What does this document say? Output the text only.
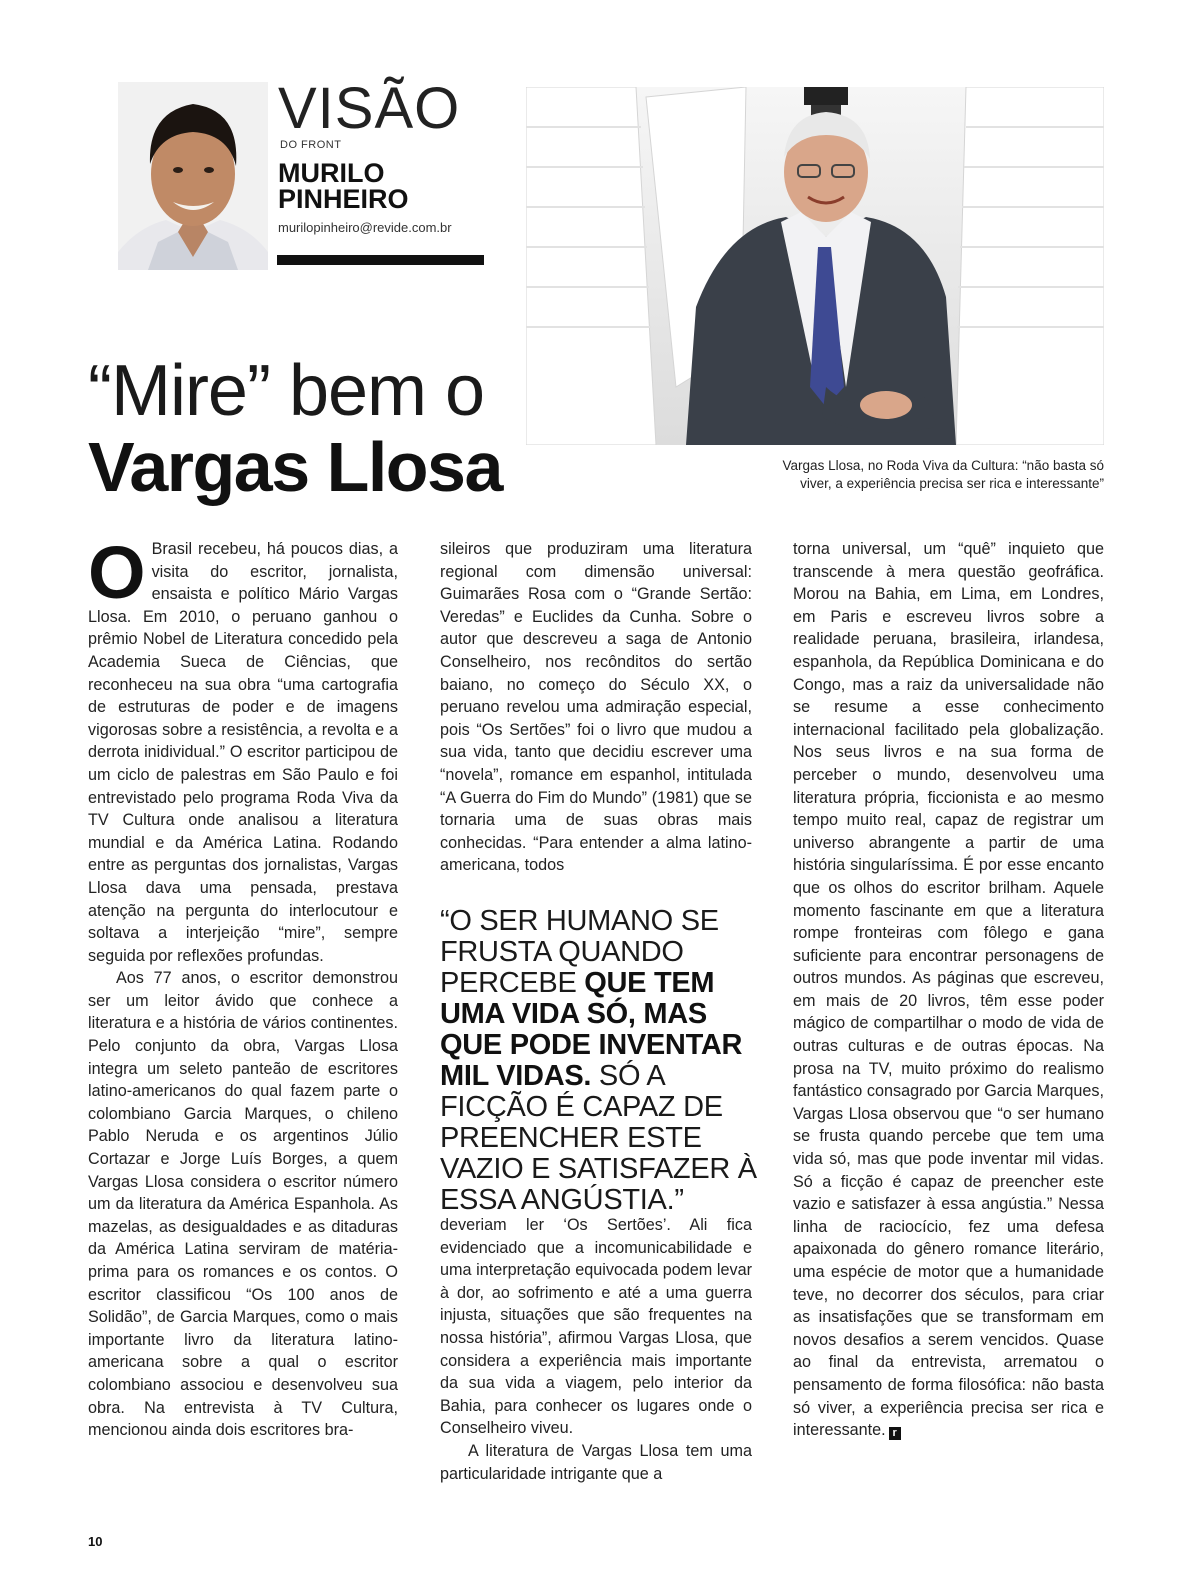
VISÃO
DO FRONT
MURILO
PINHEIRO
murilopinheiro@revide.com.br
“Mire” bem o
Vargas Llosa	Vargas Llosa, no Roda Viva da Cultura: “não basta só
viver, a experiência precisa ser rica e interessante”

O Brasil recebeu, há poucos dias, a visita do escritor, jornalista, ensaista e político Mário Vargas Llosa. Em 2010, o peruano ganhou o prêmio Nobel de Literatura concedido pela Academia Sueca de Ciências, que reconheceu na sua obra “uma cartografia de estruturas de poder e de imagens vigorosas sobre a resistência, a revolta e a derrota inidividual.” O escritor participou de um ciclo de palestras em São Paulo e foi entrevistado pelo programa Roda Viva da TV Cultura onde analisou a literatura mundial e da América Latina. Rodando entre as perguntas dos jornalistas, Vargas Llosa dava uma pensada, prestava atenção na pergunta do interlocutour e soltava a interjeição “mire”, sempre seguida por reflexões profundas.

Aos 77 anos, o escritor demonstrou ser um leitor ávido que conhece a literatura e a história de vários continentes. Pelo conjunto da obra, Vargas Llosa integra um seleto panteão de escritores latino-americanos do qual fazem parte o colombiano Garcia Marques, o chileno Pablo Neruda e os argentinos Júlio Cortazar e Jorge Luís Borges, a quem Vargas Llosa considera o escritor número um da literatura da América Espanhola. As mazelas, as desigualdades e as ditaduras da América Latina serviram de matéria-prima para os romances e os contos. O escritor classificou “Os 100 anos de Solidão”, de Garcia Marques, como o mais importante livro da literatura latino-americana sobre a qual o escritor colombiano associou e desenvolveu sua obra. Na entrevista à TV Cultura, mencionou ainda dois escritores bra-

sileiros que produziram uma literatura regional com dimensão universal: Guimarães Rosa com o “Grande Sertão: Veredas” e Euclides da Cunha. Sobre o autor que descreveu a saga de Antonio Conselheiro, nos recônditos do sertão baiano, no começo do Século XX, o peruano revelou uma admiração especial, pois “Os Sertões” foi o livro que mudou a sua vida, tanto que decidiu escrever uma “novela”, romance em espanhol, intitulada “A Guerra do Fim do Mundo” (1981) que se tornaria uma de suas obras mais conhecidas. “Para entender a alma latino-americana, todos

“O SER HUMANO SE FRUSTA QUANDO PERCEBE QUE TEM UMA VIDA SÓ, MAS QUE PODE INVENTAR MIL VIDAS. SÓ A FICÇÃO É CAPAZ DE PREENCHER ESTE VAZIO E SATISFAZER À ESSA ANGÚSTIA.”

deveriam ler ‘Os Sertões’. Ali fica evidenciado que a incomunicabilidade e uma interpretação equivocada podem levar à dor, ao sofrimento e até a uma guerra injusta, situações que são frequentes na nossa história”, afirmou Vargas Llosa, que considera a experiência mais importante da sua vida a viagem, pelo interior da Bahia, para conhecer os lugares onde o Conselheiro viveu.

A literatura de Vargas Llosa tem uma particularidade intrigante que a

torna universal, um “quê” inquieto que transcende à mera questão geofráfica. Morou na Bahia, em Lima, em Londres, em Paris e escreveu livros sobre a realidade peruana, brasileira, irlandesa, espanhola, da República Dominicana e do Congo, mas a raiz da universalidade não se resume a esse conhecimento internacional facilitado pela globalização. Nos seus livros e na sua forma de perceber o mundo, desenvolveu uma literatura própria, ficcionista e ao mesmo tempo muito real, capaz de registrar um universo abrangente a partir de uma história singularíssima. É por esse encanto que os olhos do escritor brilham. Aquele momento fascinante em que a literatura rompe fronteiras com fôlego e gana suficiente para encontrar personagens de outros mundos. As páginas que escreveu, em mais de 20 livros, têm esse poder mágico de compartilhar o modo de vida de outras culturas e de outras épocas. Na prosa na TV, muito próximo do realismo fantástico consagrado por Garcia Marques, Vargas Llosa observou que “o ser humano se frusta quando percebe que tem uma vida só, mas que pode inventar mil vidas. Só a ficção é capaz de preencher este vazio e satisfazer à essa angústia.” Nessa linha de raciocício, fez uma defesa apaixonada do gênero romance literário, uma espécie de motor que a humanidade teve, no decorrer dos séculos, para criar as insatisfações que se transformam em novos desafios a serem vencidos. Quase ao final da entrevista, arrematou o pensamento de forma filosófica: não basta só viver, a experiência precisa ser rica e interessante. r

10
